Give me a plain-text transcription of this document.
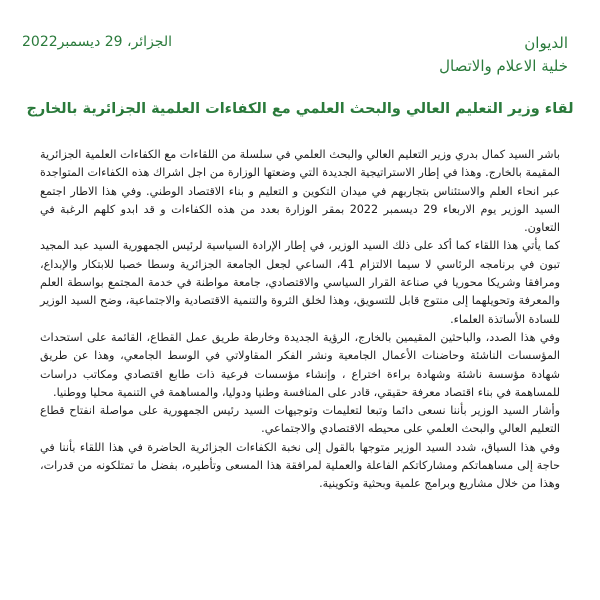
الديوان
خلية الاعلام والاتصال
الجزائر، 29 ديسمبر2022
لقاء وزير التعليم العالي والبحث العلمي مع الكفاءات العلمية الجزائرية بالخارج

باشر السيد كمال بدري وزير التعليم العالي والبحث العلمي في سلسلة من اللقاءات مع الكفاءات العلمية الجزائرية المقيمة بالخارج. وهذا في إطار الاستراتيجية الجديدة التي وضعتها الوزارة من اجل اشراك هذه الكفاءات المتواجدة عبر انحاء العلم والاستئناس بتجاربهم في ميدان التكوين و التعليم و بناء الاقتصاد الوطني. وفي هذا الاطار اجتمع السيد الوزير يوم الاربعاء 29 ديسمبر 2022 بمقر الوزارة بعدد من هذه الكفاءات و قد ابدو كلهم الرغبة في التعاون.

كما يأتي هذا اللقاء كما أكد على ذلك السيد الوزير، في إطار الإرادة السياسية لرئيس الجمهورية السيد عبد المجيد تبون في برنامجه الرئاسي لا سيما الالتزام 41، الساعي لجعل الجامعة الجزائرية وسطا خصبا للابتكار والإبداع، ومرافقا وشريكا محوريا في صناعة القرار السياسي والاقتصادي، جامعة مواطنة في خدمة المجتمع بواسطة العلم والمعرفة وتحويلهما إلى منتوج قابل للتسويق، وهذا لخلق الثروة والتنمية الاقتصادية والاجتماعية، وضح السيد الوزير للسادة الأساتذة العلماء.

وفي هذا الصدد، والباحثين المقيمين بالخارج، الرؤية الجديدة وخارطة طريق عمل القطاع، القائمة على استحداث المؤسسات الناشئة وحاضنات الأعمال الجامعية ونشر الفكر المقاولاتي في الوسط الجامعي، وهذا عن طريق شهادة مؤسسة ناشئة وشهادة براءة اختراع ، وإنشاء مؤسسات فرعية ذات طابع اقتصادي ومكاتب دراسات للمساهمة في بناء اقتصاد معرفة حقيقي، قادر على المنافسة وطنيا ودوليا، والمساهمة في التنمية محليا ووطنيا.

وأشار السيد الوزير بأننا نسعى دائما وتبعا لتعليمات وتوجيهات السيد رئيس الجمهورية على مواصلة انفتاح قطاع التعليم العالي والبحث العلمي على محيطه الاقتصادي والاجتماعي.

وفي هذا السياق، شدد السيد الوزير متوجها بالقول إلى نخبة الكفاءات الجزائرية الحاضرة في هذا اللقاء بأننا في حاجة إلى مساهماتكم ومشاركاتكم الفاعلة والعملية لمرافقة هذا المسعى وتأطيره، بفضل ما تمتلكونه من قدرات، وهذا من خلال مشاريع وبرامج علمية وبحثية وتكوينية.
